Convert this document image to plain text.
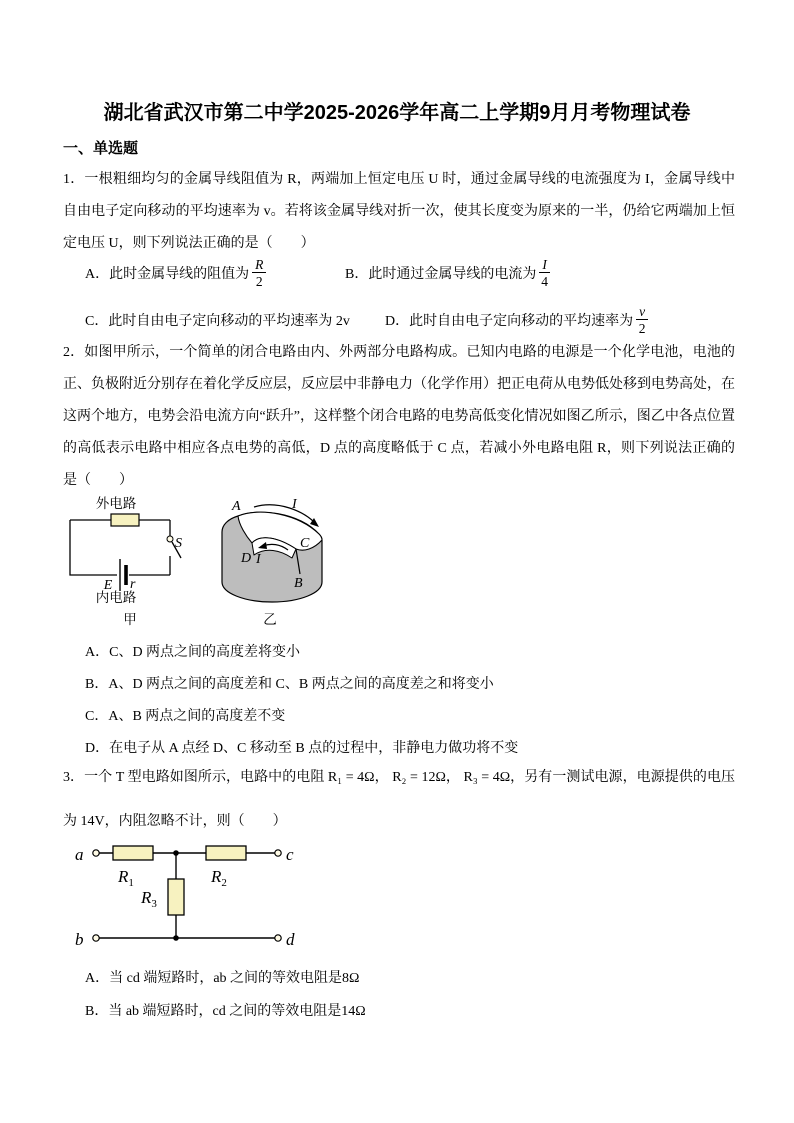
湖北省武汉市第二中学2025-2026学年高二上学期9月月考物理试卷
一、单选题
1．一根粗细均匀的金属导线阻值为 R，两端加上恒定电压 U 时，通过金属导线的电流强度为 I，金属导线中自由电子定向移动的平均速率为 v。若将该金属导线对折一次，使其长度变为原来的一半，仍给它两端加上恒定电压 U，则下列说法正确的是（　　）
A． 此时金属导线的阻值为 $\frac{R}{2}$	B． 此时通过金属导线的电流为 $\frac{I}{4}$
C． 此时自由电子定向移动的平均速率为 2v	D． 此时自由电子定向移动的平均速率为 $\frac{v}{2}$
2．如图甲所示，一个简单的闭合电路由内、外两部分电路构成。已知内电路的电源是一个化学电池，电池的正、负极附近分别存在着化学反应层，反应层中非静电力（化学作用）把正电荷从电势低处移到电势高处，在这两个地方，电势会沿电流方向“跃升”，这样整个闭合电路的电势高低变化情况如图乙所示，图乙中各点位置的高低表示电路中相应各点电势的高低，D 点的高度略低于 C 点，若减小外电路电阻 R，则下列说法正确的是（　　）
外电路
E r
S
内电路
甲
A	I
C
D I
B
乙
A．C、D 两点之间的高度差将变小
B．A、D 两点之间的高度差和 C、B 两点之间的高度差之和将变小
C．A、B 两点之间的高度差不变
D．在电子从 A 点经 D、C 移动至 B 点的过程中，非静电力做功将不变
3．一个 T 型电路如图所示，电路中的电阻 R₁ = 4Ω， R₂ = 12Ω， R₃ = 4Ω，另有一测试电源，电源提供的电压为 14V，内阻忽略不计，则（　　）
a	c
b	d
$R_1$	$R_2$
$R_3$
A．当 cd 端短路时，ab 之间的等效电阻是8Ω
B．当 ab 端短路时，cd 之间的等效电阻是14Ω
